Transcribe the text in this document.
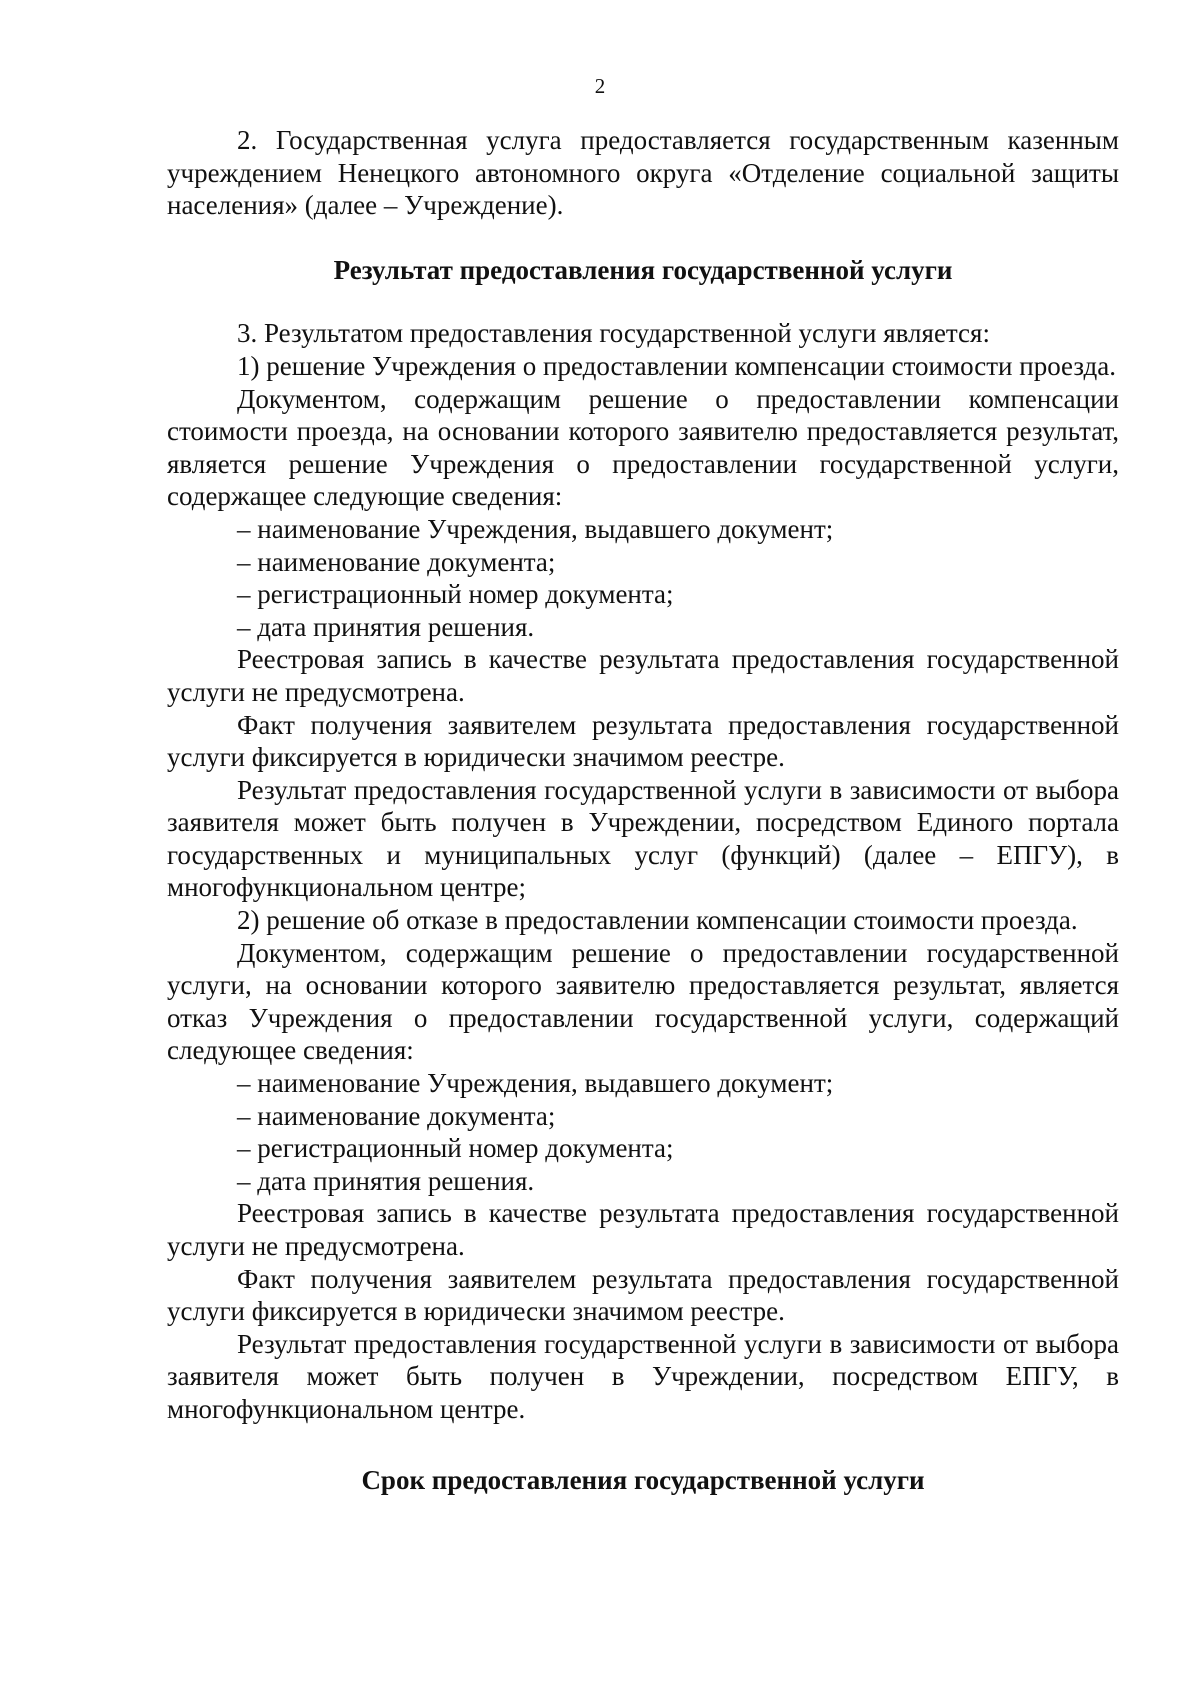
2

2. Государственная услуга предоставляется государственным казенным учреждением Ненецкого автономного округа «Отделение социальной защиты населения» (далее – Учреждение).

Результат предоставления государственной услуги

3. Результатом предоставления государственной услуги является:

1) решение Учреждения о предоставлении компенсации стоимости проезда.

Документом, содержащим решение о предоставлении компенсации стоимости проезда, на основании которого заявителю предоставляется результат, является решение Учреждения о предоставлении государственной услуги, содержащее следующие сведения:

– наименование Учреждения, выдавшего документ;

– наименование документа;

– регистрационный номер документа;

– дата принятия решения.

Реестровая запись в качестве результата предоставления государственной услуги не предусмотрена.

Факт получения заявителем результата предоставления государственной услуги фиксируется в юридически значимом реестре.

Результат предоставления государственной услуги в зависимости от выбора заявителя может быть получен в Учреждении, посредством Единого портала государственных и муниципальных услуг (функций) (далее – ЕПГУ), в многофункциональном центре;

2) решение об отказе в предоставлении компенсации стоимости проезда.

Документом, содержащим решение о предоставлении государственной услуги, на основании которого заявителю предоставляется результат, является отказ Учреждения о предоставлении государственной услуги, содержащий следующее сведения:

– наименование Учреждения, выдавшего документ;

– наименование документа;

– регистрационный номер документа;

– дата принятия решения.

Реестровая запись в качестве результата предоставления государственной услуги не предусмотрена.

Факт получения заявителем результата предоставления государственной услуги фиксируется в юридически значимом реестре.

Результат предоставления государственной услуги в зависимости от выбора заявителя может быть получен в Учреждении, посредством ЕПГУ, в многофункциональном центре.

Срок предоставления государственной услуги
